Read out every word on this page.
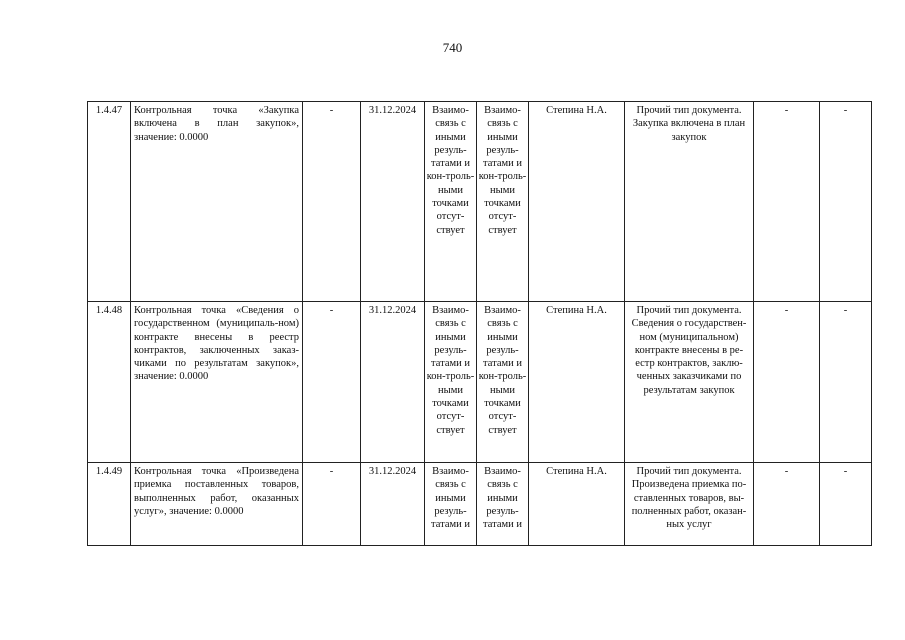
740
1.4.47	Контрольная точка «Закупка включена в план закупок», значение: 0.0000	-	31.12.2024	Взаимо-связь с иными резуль-татами и кон-троль-ными точками отсут-ствует	Взаимо-связь с иными резуль-татами и кон-троль-ными точками отсут-ствует	Степина Н.А.	Прочий тип документа. Закупка включена в план закупок	-	-
1.4.48	Контрольная точка «Сведения о государственном (муниципаль-ном) контракте внесены в реестр контрактов, заключенных заказ-чиками по результатам закупок», значение: 0.0000	-	31.12.2024	Взаимо-связь с иными резуль-татами и кон-троль-ными точками отсут-ствует	Взаимо-связь с иными резуль-татами и кон-троль-ными точками отсут-ствует	Степина Н.А.	Прочий тип документа. Сведения о государствен-ном (муниципальном) контракте внесены в ре-естр контрактов, заклю-ченных заказчиками по результатам закупок	-	-
1.4.49	Контрольная точка «Произведена приемка поставленных товаров, выполненных работ, оказанных услуг», значение: 0.0000	-	31.12.2024	Взаимо-связь с иными резуль-татами и	Взаимо-связь с иными резуль-татами и	Степина Н.А.	Прочий тип документа. Произведена приемка по-ставленных товаров, вы-полненных работ, оказан-ных услуг	-	-
